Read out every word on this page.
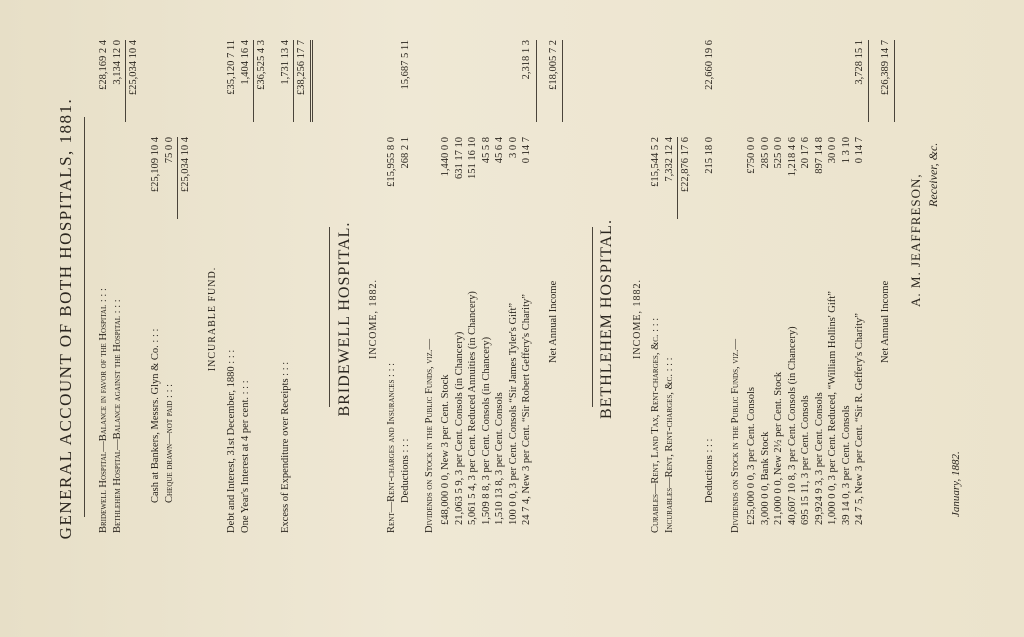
GENERAL ACCOUNT OF BOTH HOSPITALS, 1881. Bridewell Hospital—Balance in favor of the Hospital : : :
£28,169 2 4
Bethlehem Hospital—Balance against the Hospital : : :
3,134 12 0 £25,034 10 4
Cash at Bankers, Messrs. Glyn & Co. : : :
£25,109 10 4
Cheque drawn—not paid : : :
75 0 0 £25,034 10 4
INCURABLE FUND.
Debt and Interest, 31st December, 1880 : : :
£35,120 7 11
One Year's Interest at 4 per cent. : : :
1,404 16 4 £36,525 4 3
Excess of Expenditure over Receipts : : :
1,731 13 4 £38,256 17 7
BRIDEWELL HOSPITAL. INCOME, 1882.
Rent—Rent-charges and Insurances : : :
£15,955 8 0
Deductions : : :
268 2 1
15,687 5 11
Dividends on Stock in the Public Funds, viz.— £48,000 0 0, New 3 per Cent. Stock
1,440 0 0
21,063 5 9, 3 per Cent. Consols (in Chancery)
631 17 10
5,061 5 4, 3 per Cent. Reduced Annuities (in Chancery)
151 16 10
1,509 8 8, 3 per Cent. Consols (in Chancery)
45 5 8
1,510 13 8, 3 per Cent. Consols
45 6 4
100 0 0, 3 per Cent. Consols “Sir James Tyler's Gift”
3 0 0
24 7 4, New 3 per Cent. “Sir Robert Geffery's Charity”
0 14 7
2,318 1 3
Net Annual Income
£18,005 7 2
BETHLEHEM HOSPITAL. INCOME, 1882. Curables—Rent, Land Tax, Rent-charges, &c. : : :
£15,544 5 2
Incurables—Rent, Rent-charges, &c. : : :
7,332 12 4 £22,876 17 6
Deductions : : :
215 18 0
22,660 19 6
Dividends on Stock in the Public Funds, viz.— £25,000 0 0, 3 per Cent. Consols
£750 0 0
3,000 0 0, Bank Stock
285 0 0
21,000 0 0, New 2½ per Cent. Stock
525 0 0
40,607 10 8, 3 per Cent. Consols (in Chancery)
1,218 4 6
695 15 11, 3 per Cent. Consols
20 17 6
29,924 9 3, 3 per Cent. Consols
897 14 8
1,000 0 0, 3 per Cent. Reduced, “William Hollins' Gift”
30 0 0
39 14 0, 3 per Cent. Consols
1 3 10
24 7 5, New 3 per Cent. “Sir R. Geffery's Charity”
0 14 7
3,728 15 1
Net Annual Income
£26,389 14 7
A. M. JEAFFRESON, Receiver, &c.
January, 1882.
